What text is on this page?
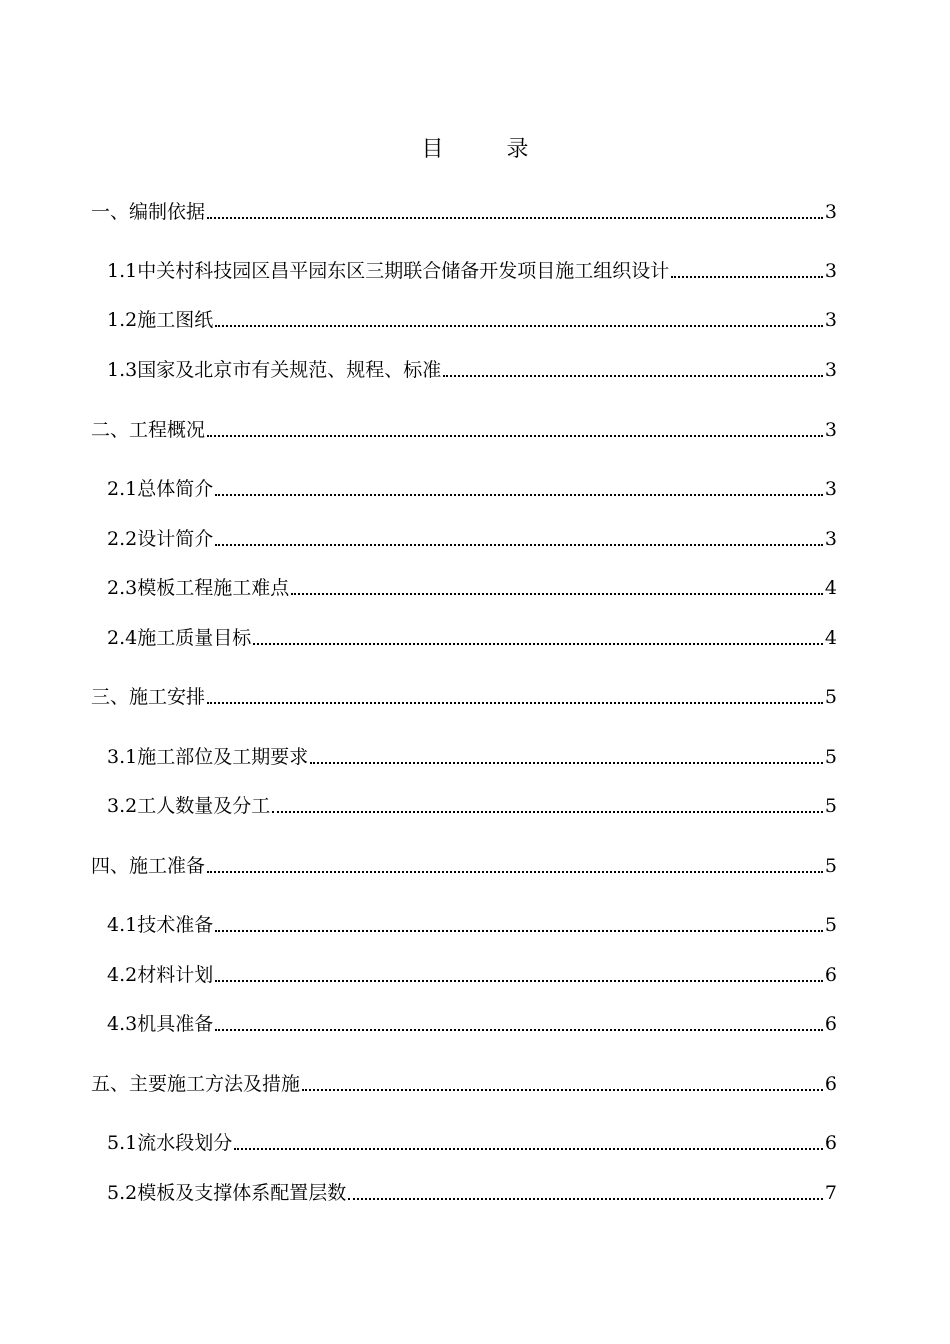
目 录
一、编制依据	3
1.1中关村科技园区昌平园东区三期联合储备开发项目施工组织设计	3
1.2施工图纸	3
1.3国家及北京市有关规范、规程、标准	3
二、工程概况	3
2.1总体简介	3
2.2设计简介	3
2.3模板工程施工难点	4
2.4施工质量目标	4
三、施工安排	5
3.1施工部位及工期要求	5
3.2工人数量及分工	5
四、施工准备	5
4.1技术准备	5
4.2材料计划	6
4.3机具准备	6
五、主要施工方法及措施	6
5.1流水段划分	6
5.2模板及支撑体系配置层数	7
